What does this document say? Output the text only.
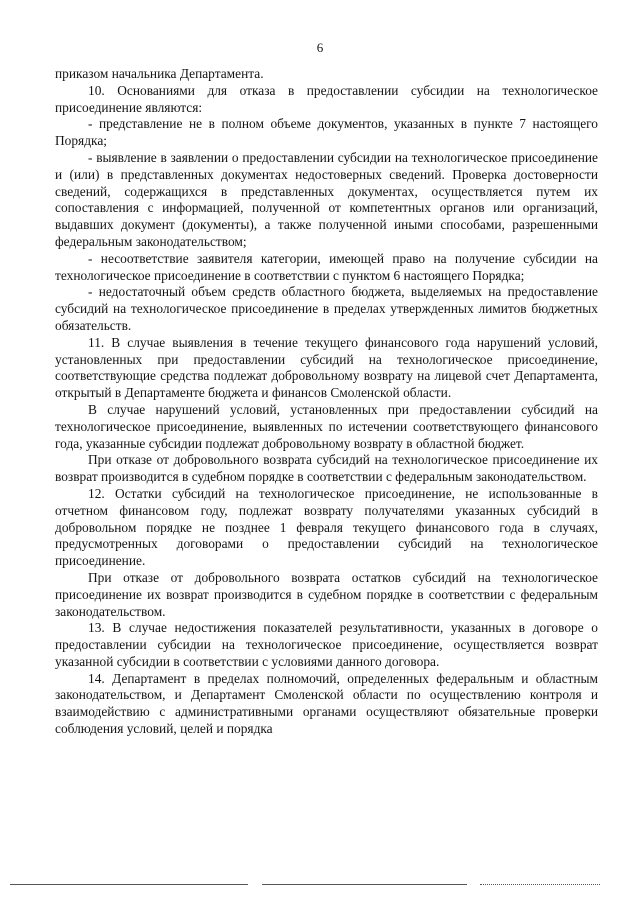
6

приказом начальника Департамента.

10. Основаниями для отказа в предоставлении субсидии на технологическое присоединение являются:

- представление не в полном объеме документов, указанных в пункте 7 настоящего Порядка;

- выявление в заявлении о предоставлении субсидии на технологическое присоединение и (или) в представленных документах недостоверных сведений. Проверка достоверности сведений, содержащихся в представленных документах, осуществляется путем их сопоставления с информацией, полученной от компетентных органов или организаций, выдавших документ (документы), а также полученной иными способами, разрешенными федеральным законодательством;

- несоответствие заявителя категории, имеющей право на получение субсидии на технологическое присоединение в соответствии с пунктом 6 настоящего Порядка;

- недостаточный объем средств областного бюджета, выделяемых на предоставление субсидий на технологическое присоединение в пределах утвержденных лимитов бюджетных обязательств.

11. В случае выявления в течение текущего финансового года нарушений условий, установленных при предоставлении субсидий на технологическое присоединение, соответствующие средства подлежат добровольному возврату на лицевой счет Департамента, открытый в Департаменте бюджета и финансов Смоленской области.

В случае нарушений условий, установленных при предоставлении субсидий на технологическое присоединение, выявленных по истечении соответствующего финансового года, указанные субсидии подлежат добровольному возврату в областной бюджет.

При отказе от добровольного возврата субсидий на технологическое присоединение их возврат производится в судебном порядке в соответствии с федеральным законодательством.

12. Остатки субсидий на технологическое присоединение, не использованные в отчетном финансовом году, подлежат возврату получателями указанных субсидий в добровольном порядке не позднее 1 февраля текущего финансового года в случаях, предусмотренных договорами о предоставлении субсидий на технологическое присоединение.

При отказе от добровольного возврата остатков субсидий на технологическое присоединение их возврат производится в судебном порядке в соответствии с федеральным законодательством.

13. В случае недостижения показателей результативности, указанных в договоре о предоставлении субсидии на технологическое присоединение, осуществляется возврат указанной субсидии в соответствии с условиями данного договора.

14. Департамент в пределах полномочий, определенных федеральным и областным законодательством, и Департамент Смоленской области по осуществлению контроля и взаимодействию с административными органами осуществляют обязательные проверки соблюдения условий, целей и порядка
